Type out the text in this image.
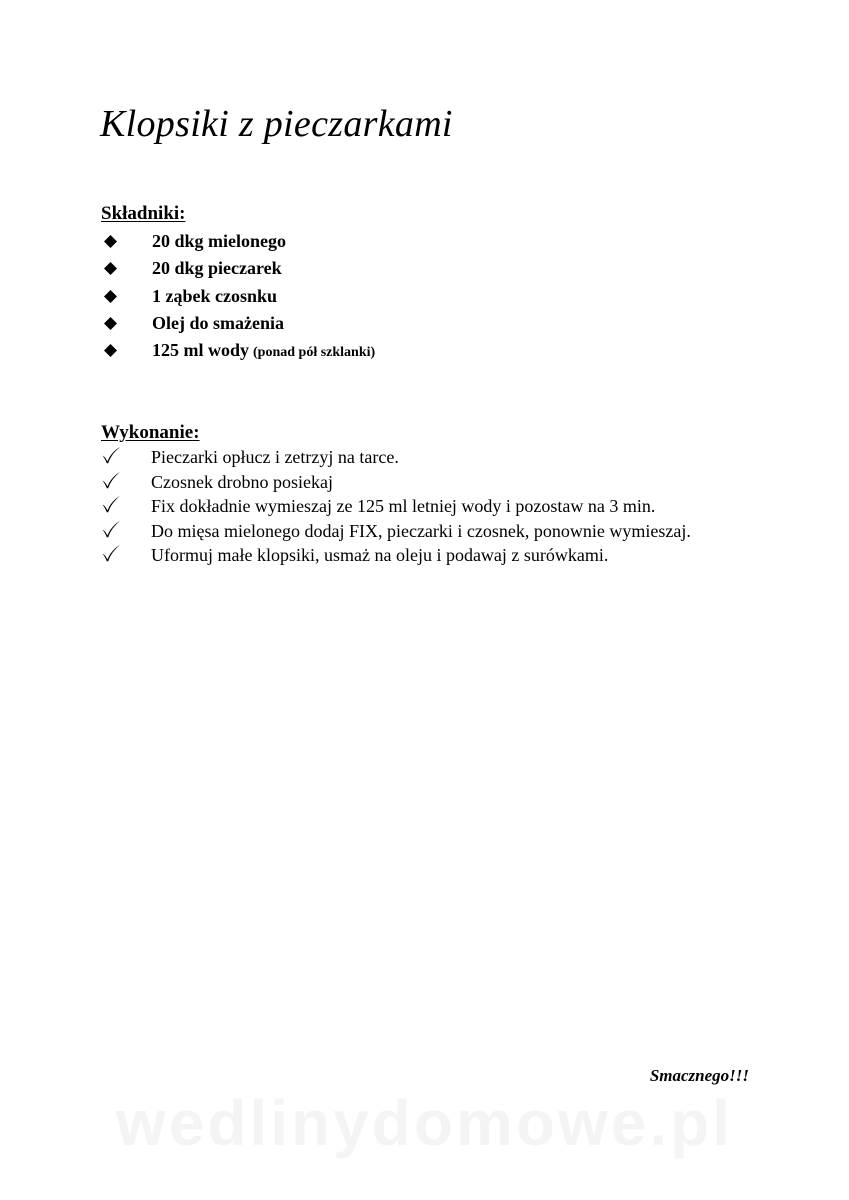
wedlinydomowe.pl
Klopsiki z pieczarkami
Składniki:
20 dkg mielonego
20 dkg pieczarek
1 ząbek czosnku
Olej do smażenia
125 ml wody (ponad pół szklanki)
Wykonanie:
Pieczarki opłucz i zetrzyj na tarce.
Czosnek drobno posiekaj
Fix dokładnie wymieszaj ze 125 ml letniej wody i pozostaw na 3 min.
Do mięsa mielonego dodaj FIX, pieczarki i czosnek, ponownie wymieszaj.
Uformuj małe klopsiki, usmaż na oleju i podawaj z surówkami.
Smacznego!!!
